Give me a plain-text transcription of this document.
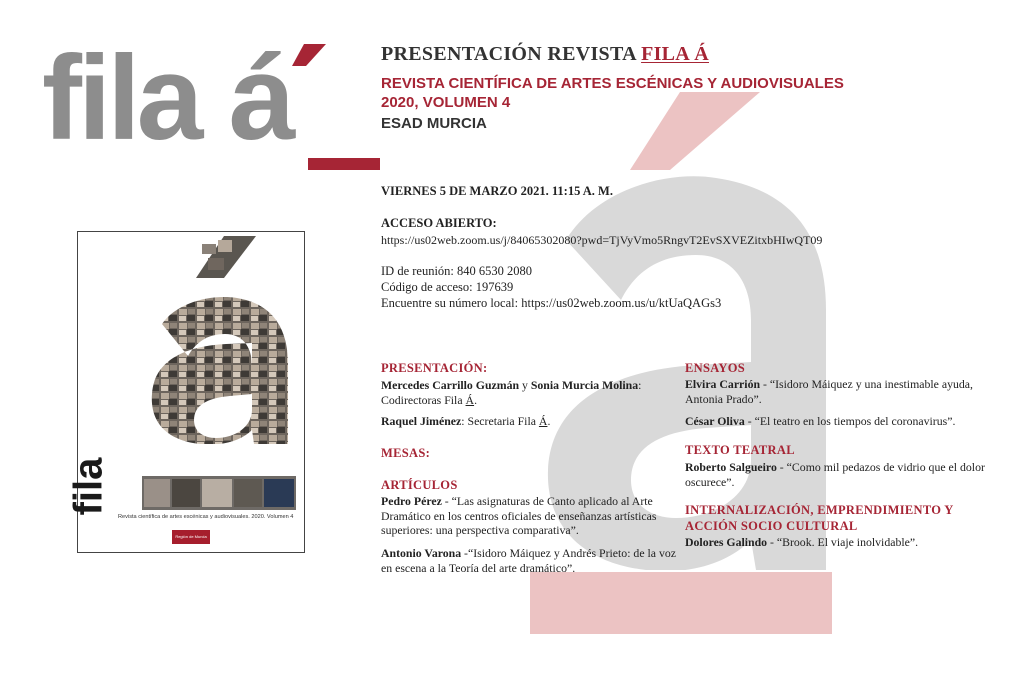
fila á
fila
Revista científica de artes escénicas y audiovisuales. 2020. Volumen 4
Región de Murcia
PRESENTACIÓN REVISTA FILA Á
REVISTA CIENTÍFICA DE ARTES ESCÉNICAS Y AUDIOVISUALES
2020, VOLUMEN 4
ESAD MURCIA
VIERNES 5 DE MARZO 2021. 11:15 A. M.
ACCESO ABIERTO:
https://us02web.zoom.us/j/84065302080?pwd=TjVyVmo5RngvT2EvSXVEZitxbHIwQT09
ID de reunión: 840 6530 2080
Código de acceso: 197639
Encuentre su número local: https://us02web.zoom.us/u/ktUaQAGs3
PRESENTACIÓN:
Mercedes Carrillo Guzmán y Sonia Murcia Molina: Codirectoras Fila Á.
Raquel Jiménez: Secretaria Fila Á.
MESAS:
ARTÍCULOS
Pedro Pérez - “Las asignaturas de Canto aplicado al Arte Dramático en los centros oficiales de enseñanzas artísticas superiores: una perspectiva comparativa”.
Antonio Varona -“Isidoro Máiquez y Andrés Prieto: de la voz en escena a la Teoría del arte dramático”.
ENSAYOS
Elvira Carrión - “Isidoro Máiquez y una inestimable ayuda, Antonia Prado”.
César Oliva - “El teatro en los tiempos del coronavirus”.
TEXTO TEATRAL
Roberto Salgueiro - “Como mil pedazos de vidrio que el dolor oscurece”.
INTERNALIZACIÓN, EMPRENDIMIENTO Y
ACCIÓN SOCIO CULTURAL
Dolores Galindo - “Brook. El viaje inolvidable”.
